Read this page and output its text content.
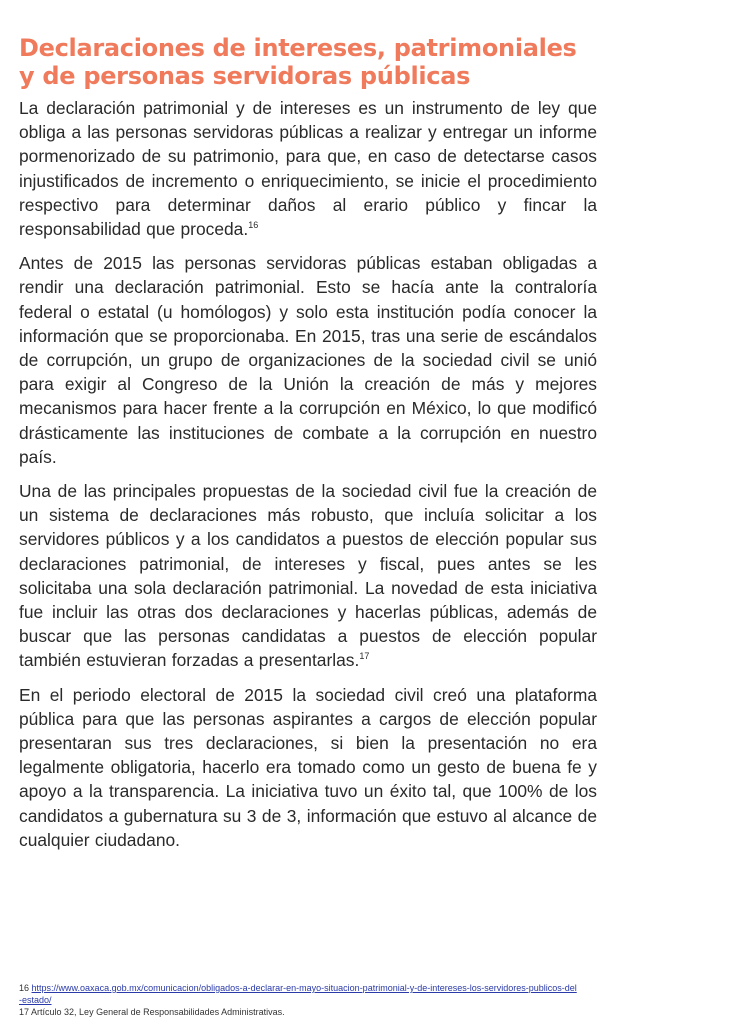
Declaraciones de intereses, patrimoniales y de personas servidoras públicas

La declaración patrimonial y de intereses es un instrumento de ley que obliga a las personas servidoras públicas a realizar y entregar un informe pormenorizado de su patrimonio, para que, en caso de detectarse casos injustificados de incremento o enriquecimiento, se inicie el procedimiento respectivo para determinar daños al erario público y fincar la responsabilidad que proceda.$^{16}$

Antes de 2015 las personas servidoras públicas estaban obligadas a rendir una declaración patrimonial. Esto se hacía ante la contraloría federal o estatal (u homólogos) y solo esta institución podía conocer la información que se proporcionaba. En 2015, tras una serie de escándalos de corrupción, un grupo de organizaciones de la sociedad civil se unió para exigir al Congreso de la Unión la creación de más y mejores mecanismos para hacer frente a la corrupción en México, lo que modificó drásticamente las instituciones de combate a la corrupción en nuestro país.

Una de las principales propuestas de la sociedad civil fue la creación de un sistema de declaraciones más robusto, que incluía solicitar a los servidores públicos y a los candidatos a puestos de elección popular sus declaraciones patrimonial, de intereses y fiscal, pues antes se les solicitaba una sola declaración patrimonial. La novedad de esta iniciativa fue incluir las otras dos declaraciones y hacerlas públicas, además de buscar que las personas candidatas a puestos de elección popular también estuvieran forzadas a presentarlas.$^{17}$

En el periodo electoral de 2015 la sociedad civil creó una plataforma pública para que las personas aspirantes a cargos de elección popular presentaran sus tres declaraciones, si bien la presentación no era legalmente obligatoria, hacerlo era tomado como un gesto de buena fe y apoyo a la transparencia. La iniciativa tuvo un éxito tal, que 100% de los candidatos a gubernatura su 3 de 3, información que estuvo al alcance de cualquier ciudadano.

16 https://www.oaxaca.gob.mx/comunicacion/obligados-a-declarar-en-mayo-situacion-patrimonial-y-de-intereses-los-servidores-publicos-del-estado/

17 Artículo 32, Ley General de Responsabilidades Administrativas.
